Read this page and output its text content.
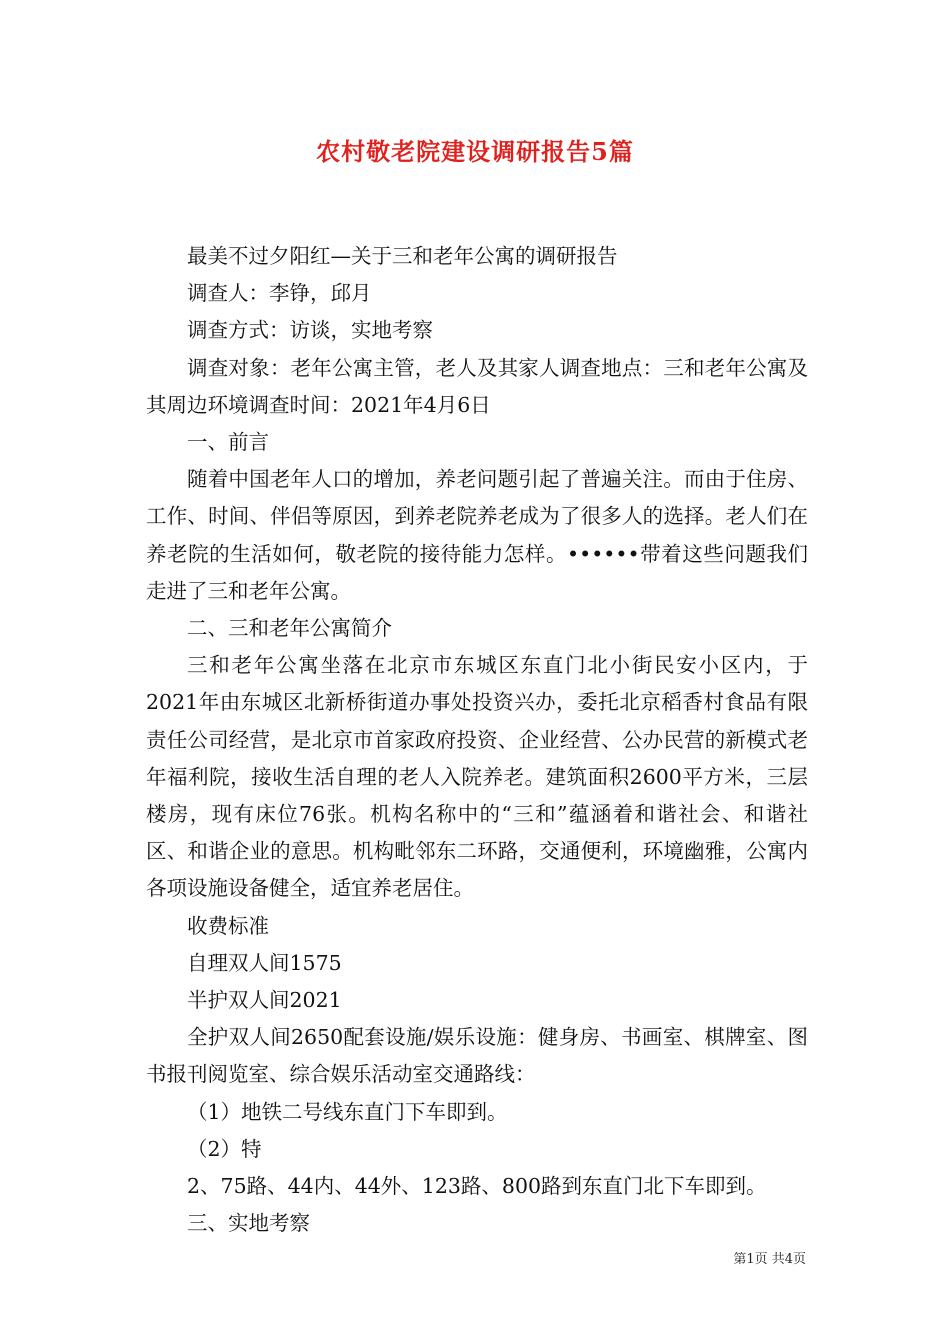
农村敬老院建设调研报告5篇

最美不过夕阳红—关于三和老年公寓的调研报告

调查人：李铮，邱月

调查方式：访谈，实地考察

调查对象：老年公寓主管，老人及其家人调查地点：三和老年公寓及其周边环境调查时间：2021年4月6日

一、前言

随着中国老年人口的增加，养老问题引起了普遍关注。而由于住房、工作、时间、伴侣等原因，到养老院养老成为了很多人的选择。老人们在养老院的生活如何，敬老院的接待能力怎样。••••••带着这些问题我们走进了三和老年公寓。

二、三和老年公寓简介

三和老年公寓坐落在北京市东城区东直门北小街民安小区内，于2021年由东城区北新桥街道办事处投资兴办，委托北京稻香村食品有限责任公司经营，是北京市首家政府投资、企业经营、公办民营的新模式老年福利院，接收生活自理的老人入院养老。建筑面积2600平方米，三层楼房，现有床位76张。机构名称中的“三和”蕴涵着和谐社会、和谐社区、和谐企业的意思。机构毗邻东二环路，交通便利，环境幽雅，公寓内各项设施设备健全，适宜养老居住。

收费标准

自理双人间1575

半护双人间2021

全护双人间2650配套设施/娱乐设施：健身房、书画室、棋牌室、图书报刊阅览室、综合娱乐活动室交通路线：

（1）地铁二号线东直门下车即到。

（2）特

2、75路、44内、44外、123路、800路到东直门北下车即到。

三、实地考察

第1页 共4页
